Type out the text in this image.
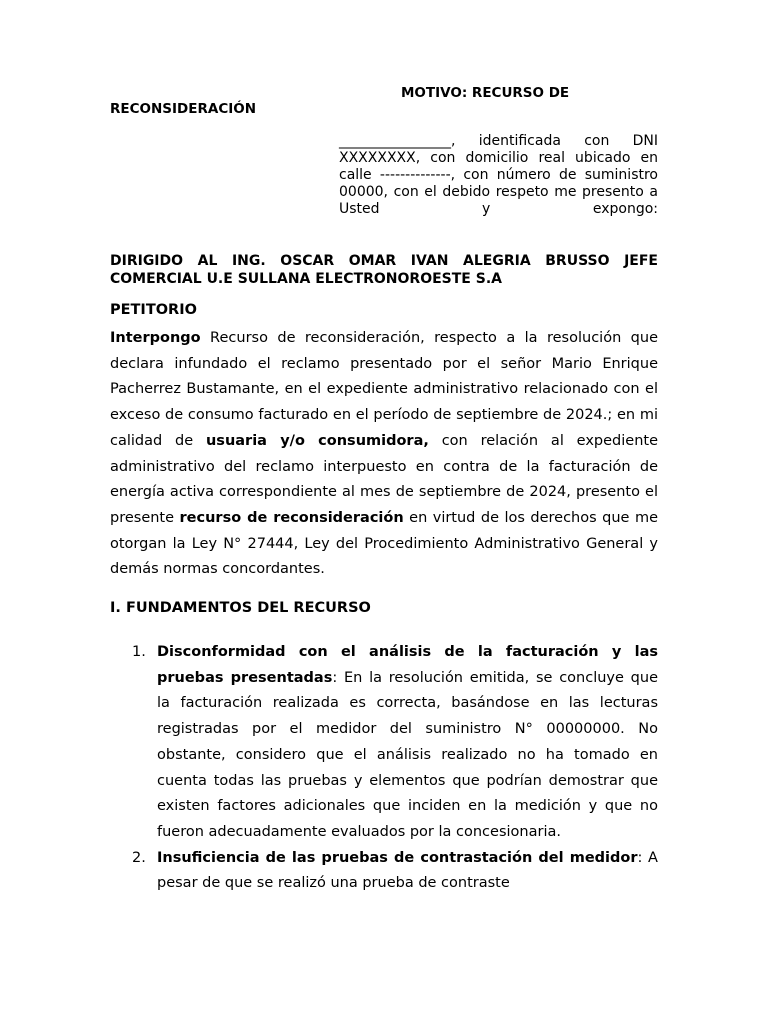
MOTIVO: RECURSO DE
RECONSIDERACIÓN
________________, identificada con DNI XXXXXXXX, con domicilio real ubicado en calle --------------, con número de suministro 00000, con el debido respeto me presento a Usted y expongo:
DIRIGIDO AL ING. OSCAR OMAR IVAN ALEGRIA BRUSSO JEFE
COMERCIAL U.E SULLANA ELECTRONOROESTE S.A
PETITORIO
Interpongo Recurso de reconsideración, respecto a la resolución que declara infundado el reclamo presentado por el señor Mario Enrique Pacherrez Bustamante, en el expediente administrativo relacionado con el exceso de consumo facturado en el período de septiembre de 2024.; en mi calidad de usuaria y/o consumidora, con relación al expediente administrativo del reclamo interpuesto en contra de la facturación de energía activa correspondiente al mes de septiembre de 2024, presento el presente recurso de reconsideración en virtud de los derechos que me otorgan la Ley N° 27444, Ley del Procedimiento Administrativo General y demás normas concordantes.
I. FUNDAMENTOS DEL RECURSO
1. Disconformidad con el análisis de la facturación y las pruebas presentadas: En la resolución emitida, se concluye que la facturación realizada es correcta, basándose en las lecturas registradas por el medidor del suministro N° 00000000. No obstante, considero que el análisis realizado no ha tomado en cuenta todas las pruebas y elementos que podrían demostrar que existen factores adicionales que inciden en la medición y que no fueron adecuadamente evaluados por la concesionaria.
2. Insuficiencia de las pruebas de contrastación del medidor: A pesar de que se realizó una prueba de contraste
